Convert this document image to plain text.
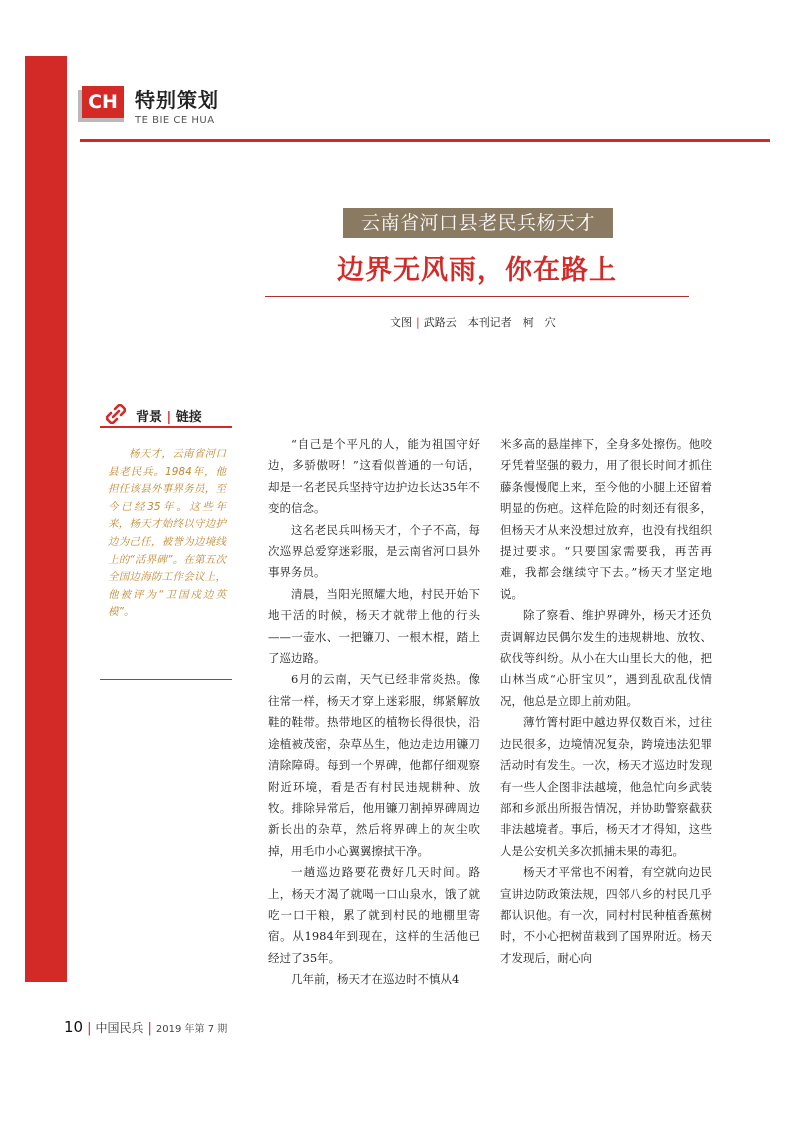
CH 特别策划
TE BIE CE HUA
云南省河口县老民兵杨天才
边界无风雨，你在路上
文图 | 武路云　 本刊记者　柯　穴
背景 | 链接

杨天才，云南省河口县老民兵。1984年，他担任该县外事界务员，至今已经35年。这些年来，杨天才始终以守边护边为己任，被誉为边境线上的“活界碑”。在第五次全国边海防工作会议上，他被评为“卫国戍边英模”。

“自己是个平凡的人，能为祖国守好边，多骄傲呀！”这看似普通的一句话，却是一名老民兵坚持守边护边长达35年不变的信念。

这名老民兵叫杨天才，个子不高，每次巡界总爱穿迷彩服，是云南省河口县外事界务员。

清晨，当阳光照耀大地，村民开始下地干活的时候，杨天才就带上他的行头——一壶水、一把镰刀、一根木棍，踏上了巡边路。

6月的云南，天气已经非常炎热。像往常一样，杨天才穿上迷彩服，绑紧解放鞋的鞋带。热带地区的植物长得很快，沿途植被茂密，杂草丛生，他边走边用镰刀清除障碍。每到一个界碑，他都仔细观察附近环境，看是否有村民违规耕种、放牧。排除异常后，他用镰刀割掉界碑周边新长出的杂草，然后将界碑上的灰尘吹掉，用毛巾小心翼翼擦拭干净。

一趟巡边路要花费好几天时间。路上，杨天才渴了就喝一口山泉水，饿了就吃一口干粮，累了就到村民的地棚里寄宿。从1984年到现在，这样的生活他已经过了35年。

几年前，杨天才在巡边时不慎从4

米多高的悬崖摔下，全身多处擦伤。他咬牙凭着坚强的毅力，用了很长时间才抓住藤条慢慢爬上来，至今他的小腿上还留着明显的伤疤。这样危险的时刻还有很多，但杨天才从来没想过放弃，也没有找组织提过要求。“只要国家需要我，再苦再难，我都会继续守下去。”杨天才坚定地说。

除了察看、维护界碑外，杨天才还负责调解边民偶尔发生的违规耕地、放牧、砍伐等纠纷。从小在大山里长大的他，把山林当成“心肝宝贝”，遇到乱砍乱伐情况，他总是立即上前劝阻。

薄竹箐村距中越边界仅数百米，过往边民很多，边境情况复杂，跨境违法犯罪活动时有发生。一次，杨天才巡边时发现有一些人企图非法越境，他急忙向乡武装部和乡派出所报告情况，并协助警察截获非法越境者。事后，杨天才才得知，这些人是公安机关多次抓捕未果的毒犯。

杨天才平常也不闲着，有空就向边民宣讲边防政策法规，四邻八乡的村民几乎都认识他。有一次，同村村民种植香蕉树时，不小心把树苗栽到了国界附近。杨天才发现后，耐心向

10 | 中国民兵 | 2019 年第 7 期
